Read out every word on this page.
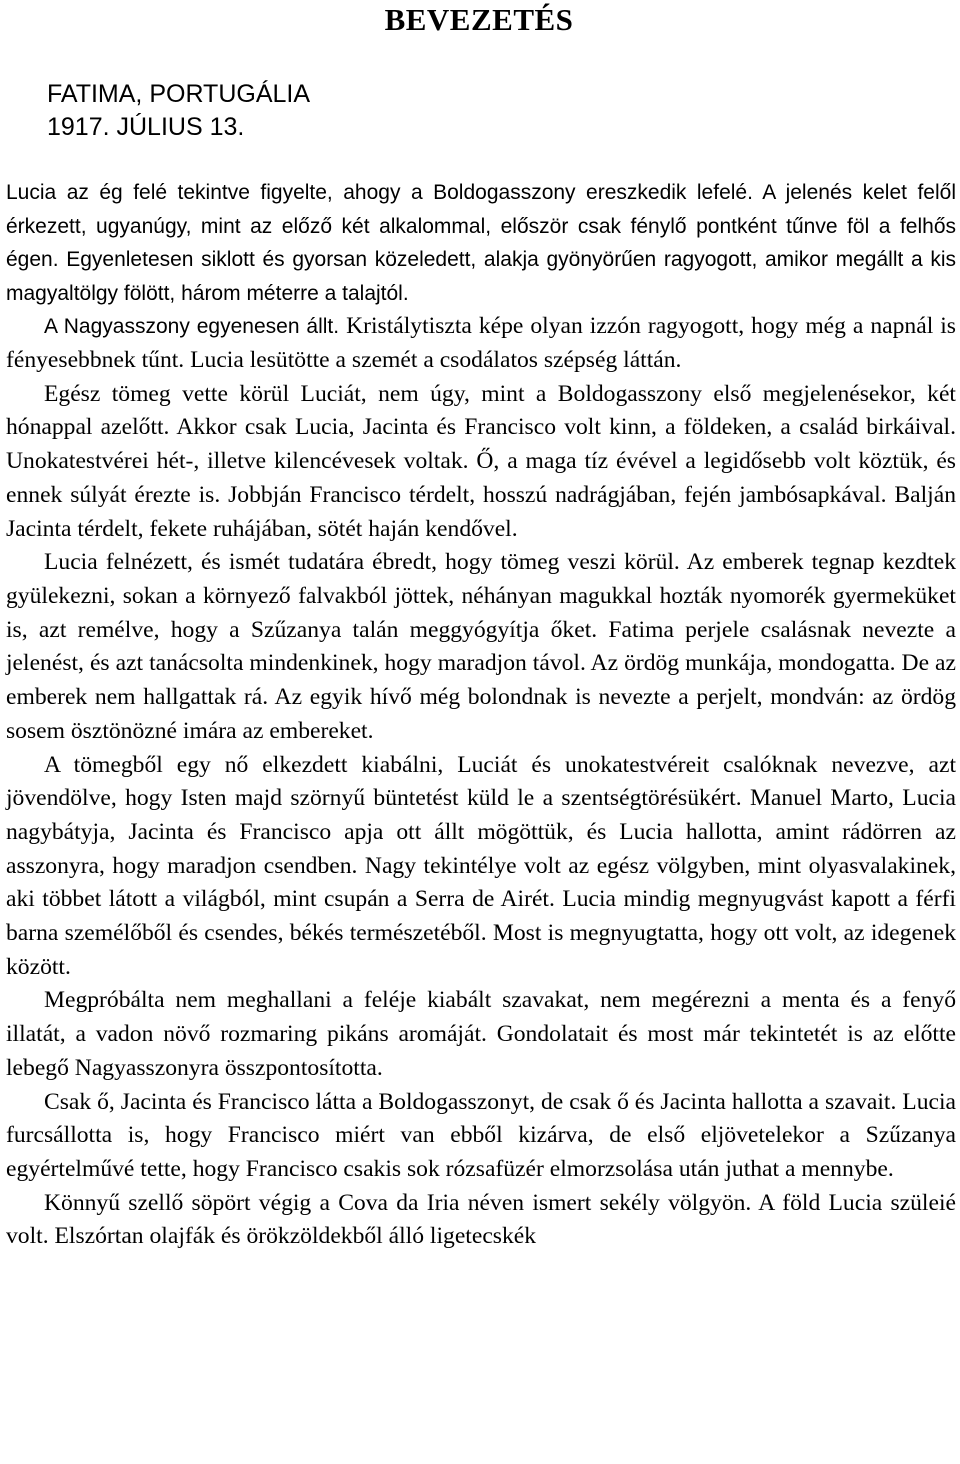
BEVEZETÉS
FATIMA, PORTUGÁLIA
1917. JÚLIUS 13.

Lucia az ég felé tekintve figyelte, ahogy a Boldogasszony ereszkedik lefelé. A jelenés kelet felől érkezett, ugyanúgy, mint az előző két alkalommal, először csak fénylő pontként tűnve föl a felhős égen. Egyenletesen siklott és gyorsan közeledett, alakja gyönyörűen ragyogott, amikor megállt a kis magyaltölgy fölött, három méterre a talajtól.

A Nagyasszony egyenesen állt. Kristálytiszta képe olyan izzón ragyogott, hogy még a napnál is fényesebbnek tűnt. Lucia lesütötte a szemét a csodálatos szépség láttán.

Egész tömeg vette körül Luciát, nem úgy, mint a Boldogasszony első megjelenésekor, két hónappal azelőtt. Akkor csak Lucia, Jacinta és Francisco volt kinn, a földeken, a család birkáival. Unokatestvérei hét-, illetve kilencévesek voltak. Ő, a maga tíz évével a legidősebb volt köztük, és ennek súlyát érezte is. Jobbján Francisco térdelt, hosszú nadrágjában, fején jambósapkával. Balján Jacinta térdelt, fekete ruhájában, sötét haján kendővel.

Lucia felnézett, és ismét tudatára ébredt, hogy tömeg veszi körül. Az emberek tegnap kezdtek gyülekezni, sokan a környező falvakból jöttek, néhányan magukkal hozták nyomorék gyermeküket is, azt remélve, hogy a Szűzanya talán meggyógyítja őket. Fatima perjele csalásnak nevezte a jelenést, és azt tanácsolta mindenkinek, hogy maradjon távol. Az ördög munkája, mondogatta. De az emberek nem hallgattak rá. Az egyik hívő még bolondnak is nevezte a perjelt, mondván: az ördög sosem ösztönözné imára az embereket.

A tömegből egy nő elkezdett kiabálni, Luciát és unokatestvéreit csalóknak nevezve, azt jövendölve, hogy Isten majd szörnyű büntetést küld le a szentségtörésükért. Manuel Marto, Lucia nagybátyja, Jacinta és Francisco apja ott állt mögöttük, és Lucia hallotta, amint rádörren az asszonyra, hogy maradjon csendben. Nagy tekintélye volt az egész völgyben, mint olyasvalakinek, aki többet látott a világból, mint csupán a Serra de Airét. Lucia mindig megnyugvást kapott a férfi barna személőből és csendes, békés természetéből. Most is megnyugtatta, hogy ott volt, az idegenek között.

Megpróbálta nem meghallani a feléje kiabált szavakat, nem megérezni a menta és a fenyő illatát, a vadon növő rozmaring pikáns aromáját. Gondolatait és most már tekintetét is az előtte lebegő Nagyasszonyra összpontosította.

Csak ő, Jacinta és Francisco látta a Boldogasszonyt, de csak ő és Jacinta hallotta a szavait. Lucia furcsállotta is, hogy Francisco miért van ebből kizárva, de első eljövetelekor a Szűzanya egyértelművé tette, hogy Francisco csakis sok rózsafüzér elmorzsolása után juthat a mennybe.

Könnyű szellő söpört végig a Cova da Iria néven ismert sekély völgyön. A föld Lucia szüleié volt. Elszórtan olajfák és örökzöldekből álló ligetecskék
